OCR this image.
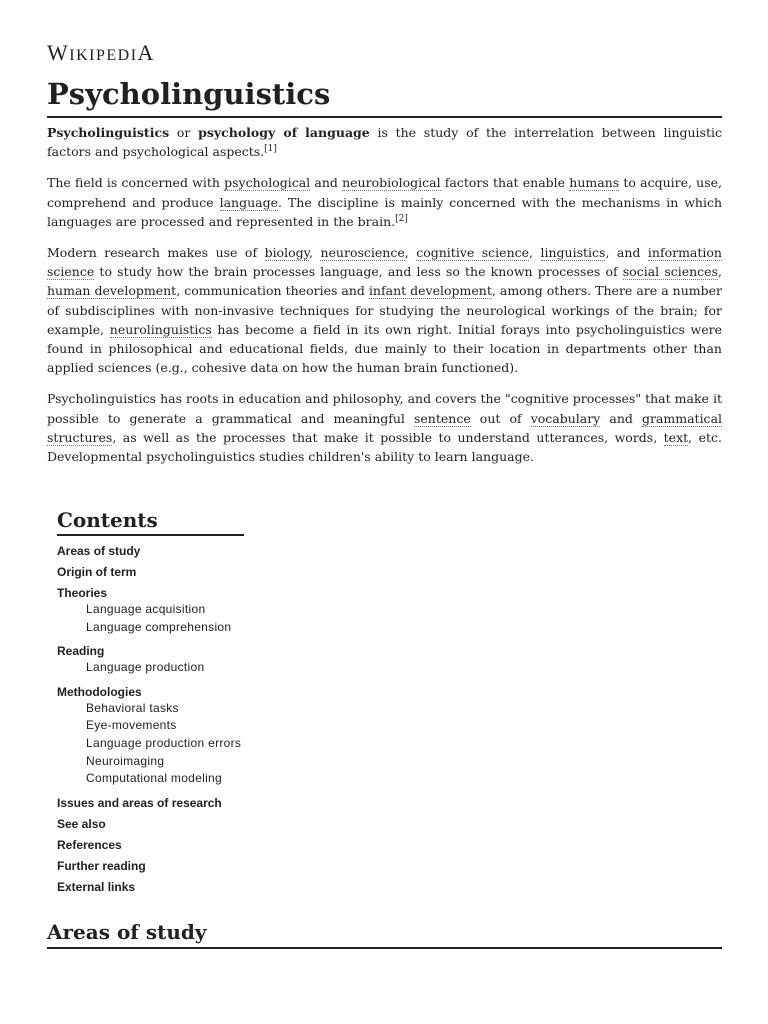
WIKIPEDIA
Psycholinguistics

Psycholinguistics or psychology of language is the study of the interrelation between linguistic factors and psychological aspects.[1]

The field is concerned with psychological and neurobiological factors that enable humans to acquire, use, comprehend and produce language. The discipline is mainly concerned with the mechanisms in which languages are processed and represented in the brain.[2]

Modern research makes use of biology, neuroscience, cognitive science, linguistics, and information science to study how the brain processes language, and less so the known processes of social sciences, human development, communication theories and infant development, among others. There are a number of subdisciplines with non-invasive techniques for studying the neurological workings of the brain; for example, neurolinguistics has become a field in its own right. Initial forays into psycholinguistics were found in philosophical and educational fields, due mainly to their location in departments other than applied sciences (e.g., cohesive data on how the human brain functioned).

Psycholinguistics has roots in education and philosophy, and covers the "cognitive processes" that make it possible to generate a grammatical and meaningful sentence out of vocabulary and grammatical structures, as well as the processes that make it possible to understand utterances, words, text, etc. Developmental psycholinguistics studies children's ability to learn language.

Contents
Areas of study
Origin of term
Theories
Language acquisition
Language comprehension
Reading
Language production
Methodologies
Behavioral tasks
Eye-movements
Language production errors
Neuroimaging
Computational modeling
Issues and areas of research
See also
References
Further reading
External links
Areas of study
